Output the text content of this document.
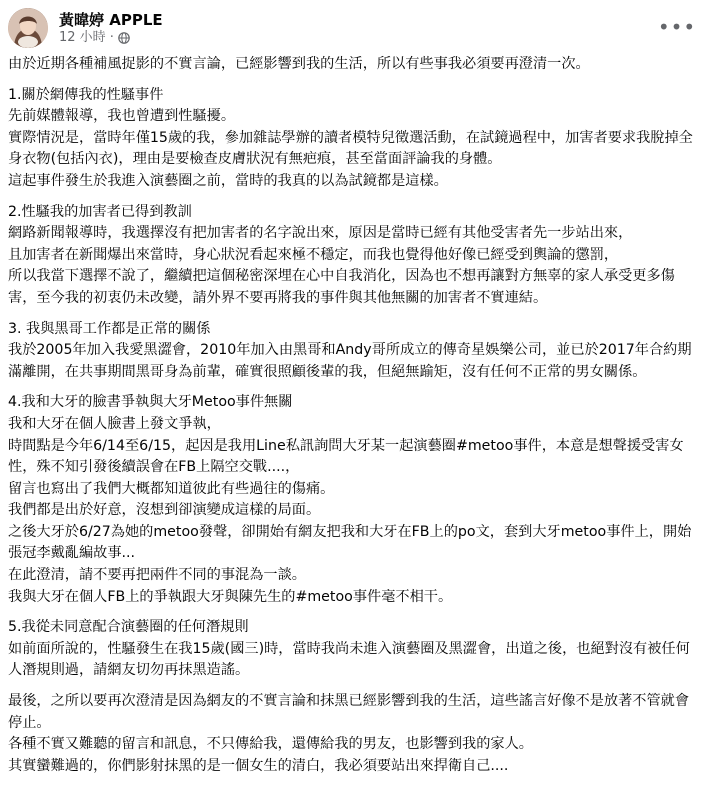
黃暐婷 APPLE
12 小時 ·	•••
由於近期各種補風捉影的不實言論，已經影響到我的生活，所以有些事我必須要再澄清一次。
1.關於網傳我的性騷事件
先前媒體報導，我也曾遭到性騷擾。
實際情況是，當時年僅15歲的我，參加雜誌學辦的讀者模特兒徵選活動，在試鏡過程中，加害者要求我脫掉全身衣物(包括內衣)，理由是要檢查皮膚狀況有無疤痕，甚至當面評論我的身體。
這起事件發生於我進入演藝圈之前，當時的我真的以為試鏡都是這樣。
2.性騷我的加害者已得到教訓
網路新聞報導時，我選擇沒有把加害者的名字說出來，原因是當時已經有其他受害者先一步站出來，
且加害者在新聞爆出來當時，身心狀況看起來極不穩定，而我也覺得他好像已經受到輿論的懲罰，
所以我當下選擇不說了，繼續把這個秘密深埋在心中自我消化，因為也不想再讓對方無辜的家人承受更多傷害，至今我的初衷仍未改變，請外界不要再將我的事件與其他無關的加害者不實連結。
3. 我與黑哥工作都是正常的關係
我於2005年加入我愛黑澀會，2010年加入由黑哥和Andy哥所成立的傳奇星娛樂公司，並已於2017年合約期滿離開，在共事期間黑哥身為前輩，確實很照顧後輩的我，但絕無踰矩，沒有任何不正常的男女關係。
4.我和大牙的臉書爭執與大牙Metoo事件無關
我和大牙在個人臉書上發文爭執，
時間點是今年6/14至6/15，起因是我用Line私訊詢問大牙某一起演藝圈#metoo事件，本意是想聲援受害女性，殊不知引發後續誤會在FB上隔空交戰....，
留言也寫出了我們大概都知道彼此有些過往的傷痛。
我們都是出於好意，沒想到卻演變成這樣的局面。
之後大牙於6/27為她的metoo發聲，卻開始有網友把我和大牙在FB上的po文，套到大牙metoo事件上，開始張冠李戴亂編故事...
在此澄清，請不要再把兩件不同的事混為一談。
我與大牙在個人FB上的爭執跟大牙與陳先生的#metoo事件毫不相干。
5.我從未同意配合演藝圈的任何潛規則
如前面所說的，性騷發生在我15歲(國三)時，當時我尚未進入演藝圈及黑澀會，出道之後，也絕對沒有被任何人潛規則過，請網友切勿再抹黑造謠。
最後，之所以要再次澄清是因為網友的不實言論和抹黑已經影響到我的生活，這些謠言好像不是放著不管就會停止。
各種不實又難聽的留言和訊息，不只傳給我，還傳給我的男友，也影響到我的家人。
其實蠻難過的，你們影射抹黑的是一個女生的清白，我必須要站出來捍衛自己....
